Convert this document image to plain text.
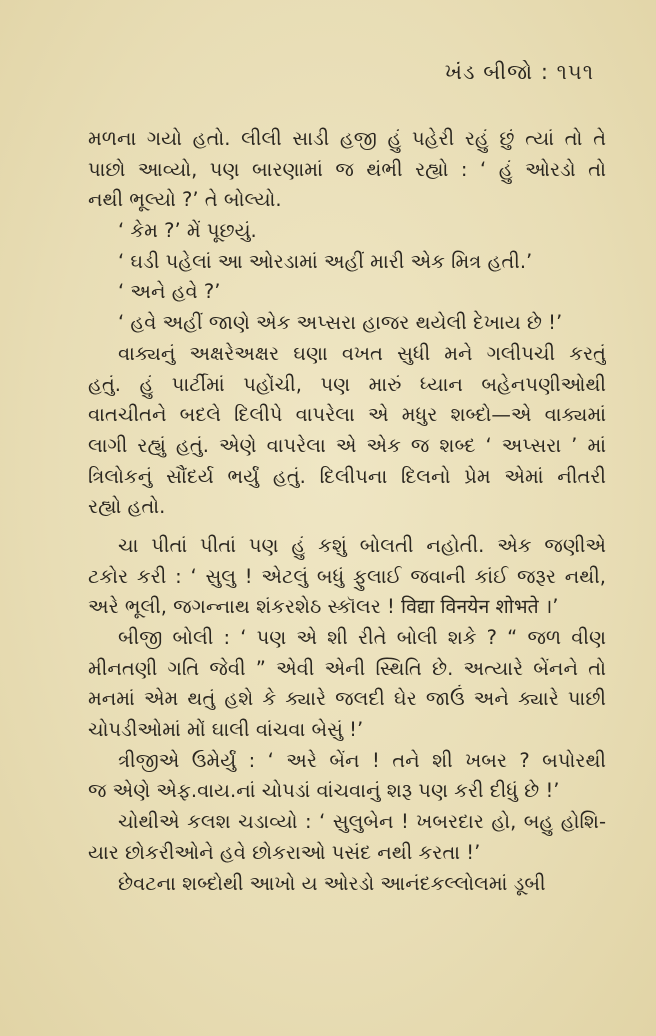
ખંડ બીજો : ૧૫૧
મળના ગયો હતો. લીલી સાડી હજી હું પહેરી રહું છું ત્યાં તો તે
પાછો આવ્યો, પણ બારણામાં જ થંભી રહ્યો : ‘ હું ઓરડો તો
નથી ભૂલ્યો ?’ તે બોલ્યો.
‘ કેમ ?’ મેં પૂછયું.
‘ ઘડી પહેલાં આ ઓરડામાં અહીં મારી એક મિત્ર હતી.’
‘ અને હવે ?’
‘ હવે અહીં જાણે એક અપ્સરા હાજર થયેલી દેખાય છે !’
વાક્યનું અક્ષરેઅક્ષર ઘણા વખત સુધી મને ગલીપચી કરતું
હતું. હું પાર્ટીમાં પહોંચી, પણ મારું ધ્યાન બહેનપણીઓથી
વાતચીતને બદલે દિલીપે વાપરેલા એ મધુર શબ્દો—એ વાક્યમાં
લાગી રહ્યું હતું. એણે વાપરેલા એ એક જ શબ્દ ‘ અપ્સરા ’ માં
ત્રિલોકનું સૌંદર્ય ભર્યું હતું. દિલીપના દિલનો પ્રેમ એમાં નીતરી
રહ્યો હતો.
ચા પીતાં પીતાં પણ હું કશું બોલતી નહોતી. એક જણીએ
ટકોર કરી : ‘ સુલુ ! એટલું બધું ફુલાઈ જવાની કાંઈ જરૂર નથી,
અરે ભૂલી, જગન્નાથ શંકરશેઠ સ્કૉલર ! विद्या विनयेन शोभते ।’
બીજી બોલી : ‘ પણ એ શી રીતે બોલી શકે ? “ જળ વીણ
મીનતણી ગતિ જેવી ” એવી એની સ્થિતિ છે. અત્યારે બેંનને તો
મનમાં એમ થતું હશે કે ક્યારે જલદી ઘેર જાઉં અને ક્યારે પાછી
ચોપડીઓમાં મોં ઘાલી વાંચવા બેસું !’
ત્રીજીએ ઉમેર્યું : ‘ અરે બેંન ! તને શી ખબર ? બપોરથી
જ એણે એફ.વાય.નાં ચોપડાં વાંચવાનું શરૂ પણ કરી દીધું છે !’
ચોથીએ કલશ ચડાવ્યો : ‘ સુલુબેન ! ખબરદાર હો, બહુ હોશિ-
યાર છોકરીઓને હવે છોકરાઓ પસંદ નથી કરતા !’
છેવટના શબ્દોથી આખો ય ઓરડો આનંદકલ્લોલમાં ડૂબી
